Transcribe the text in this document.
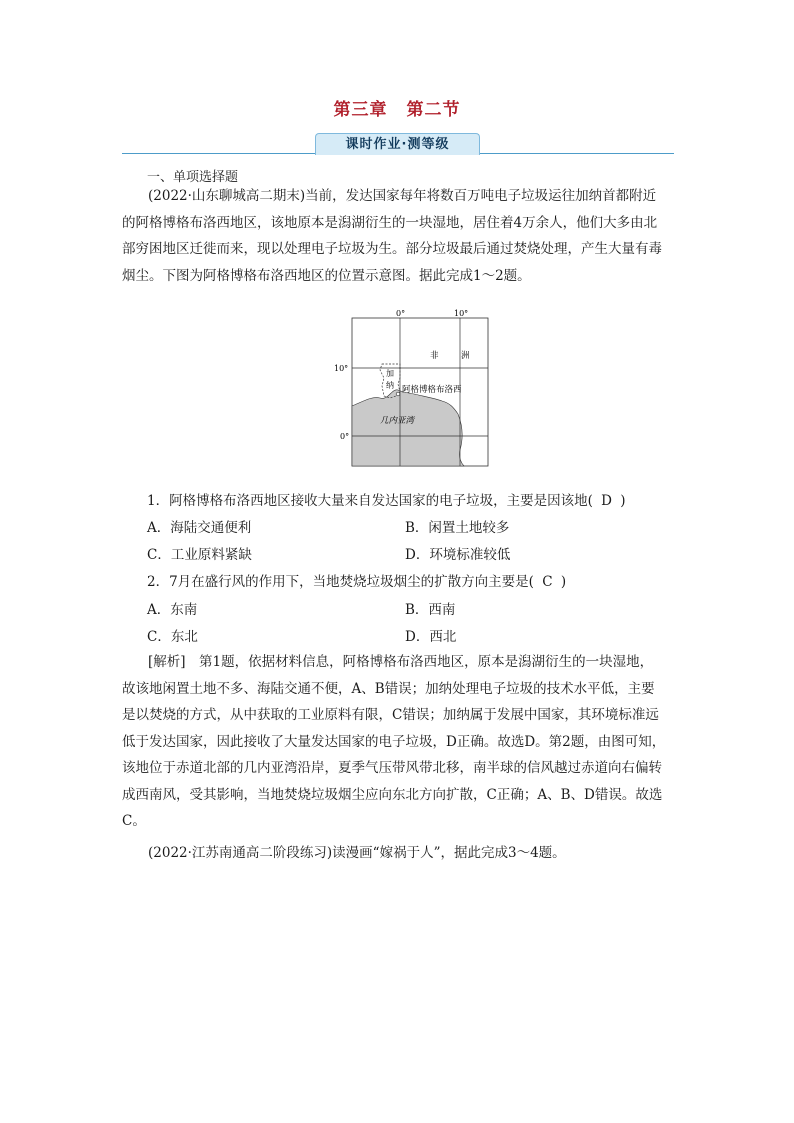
第三章 第二节
课时作业·测等级
一、单项选择题
(2022·山东聊城高二期末)当前，发达国家每年将数百万吨电子垃圾运往加纳首都附近
的阿格博格布洛西地区，该地原本是潟湖衍生的一块湿地，居住着4万余人，他们大多由北
部穷困地区迁徙而来，现以处理电子垃圾为生。部分垃圾最后通过焚烧处理，产生大量有毒
烟尘。下图为阿格博格布洛西地区的位置示意图。据此完成1～2题。
0°	10°
10°
0°
非	洲
加
纳 阿格博格布洛西
几内亚湾
1．阿格博格布洛西地区接收大量来自发达国家的电子垃圾，主要是因该地( D )
A．海陆交通便利	B．闲置土地较多
C．工业原料紧缺	D．环境标准较低
2．7月在盛行风的作用下，当地焚烧垃圾烟尘的扩散方向主要是( C )
A．东南	B．西南
C．东北	D．西北
[解析]　第1题，依据材料信息，阿格博格布洛西地区，原本是潟湖衍生的一块湿地，
故该地闲置土地不多、海陆交通不便，A、B错误；加纳处理电子垃圾的技术水平低，主要
是以焚烧的方式，从中获取的工业原料有限，C错误；加纳属于发展中国家，其环境标准远
低于发达国家，因此接收了大量发达国家的电子垃圾，D正确。故选D。第2题，由图可知，
该地位于赤道北部的几内亚湾沿岸，夏季气压带风带北移，南半球的信风越过赤道向右偏转
成西南风，受其影响，当地焚烧垃圾烟尘应向东北方向扩散，C正确；A、B、D错误。故选
C。
(2022·江苏南通高二阶段练习)读漫画“嫁祸于人”，据此完成3～4题。
